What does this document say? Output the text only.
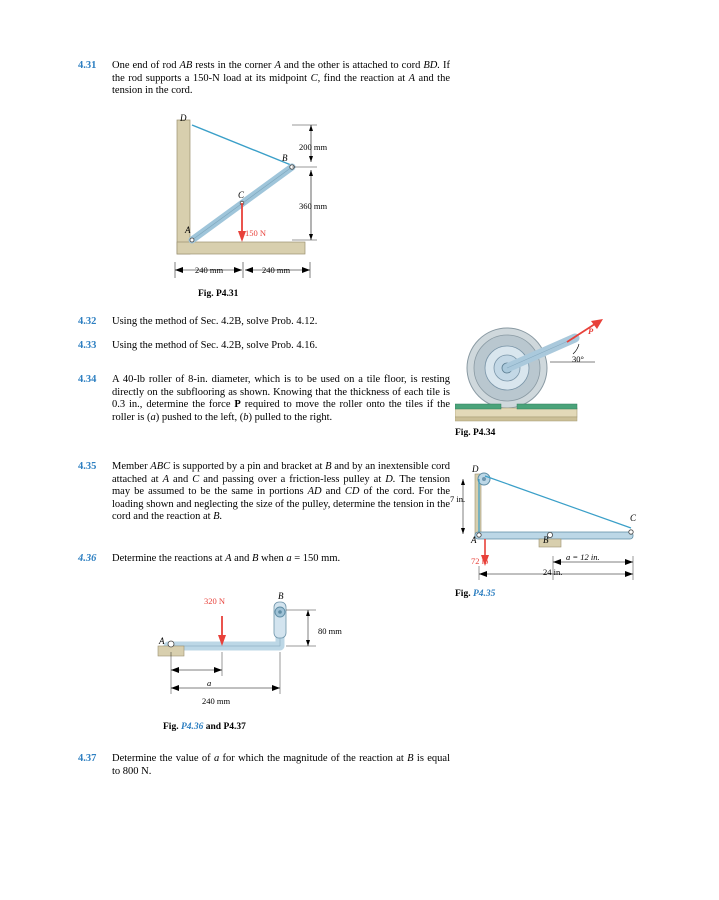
4.31	One end of rod AB rests in the corner A and the other is attached to cord BD. If the rod supports a 150-N load at its midpoint C, find the reaction at A and the tension in the cord.
D
B
C
A	150 N
200 mm
360 mm
240 mm	240 mm
Fig. P4.31
4.32	Using the method of Sec. 4.2B, solve Prob. 4.12.
4.33	Using the method of Sec. 4.2B, solve Prob. 4.16.
4.34	A 40-lb roller of 8-in. diameter, which is to be used on a tile floor, is resting directly on the subflooring as shown. Knowing that the thickness of each tile is 0.3 in., determine the force P required to move the roller onto the tiles if the roller is (a) pushed to the left, (b) pulled to the right.
P
30°
Fig. P4.34
4.35	Member ABC is supported by a pin and bracket at B and by an inextensible cord attached at A and C and passing over a friction-less pulley at D. The tension may be assumed to be the same in portions AD and CD of the cord. For the loading shown and neglecting the size of the pulley, determine the tension in the cord and the reaction at B.
D
A	B
C
7 in.
72 lb	a = 12 in.
24 in.
Fig. P4.35
4.36	Determine the reactions at A and B when a = 150 mm.
B
A
320 N
80 mm
a
240 mm
Fig. P4.36 and P4.37
4.37	Determine the value of a for which the magnitude of the reaction at B is equal to 800 N.
